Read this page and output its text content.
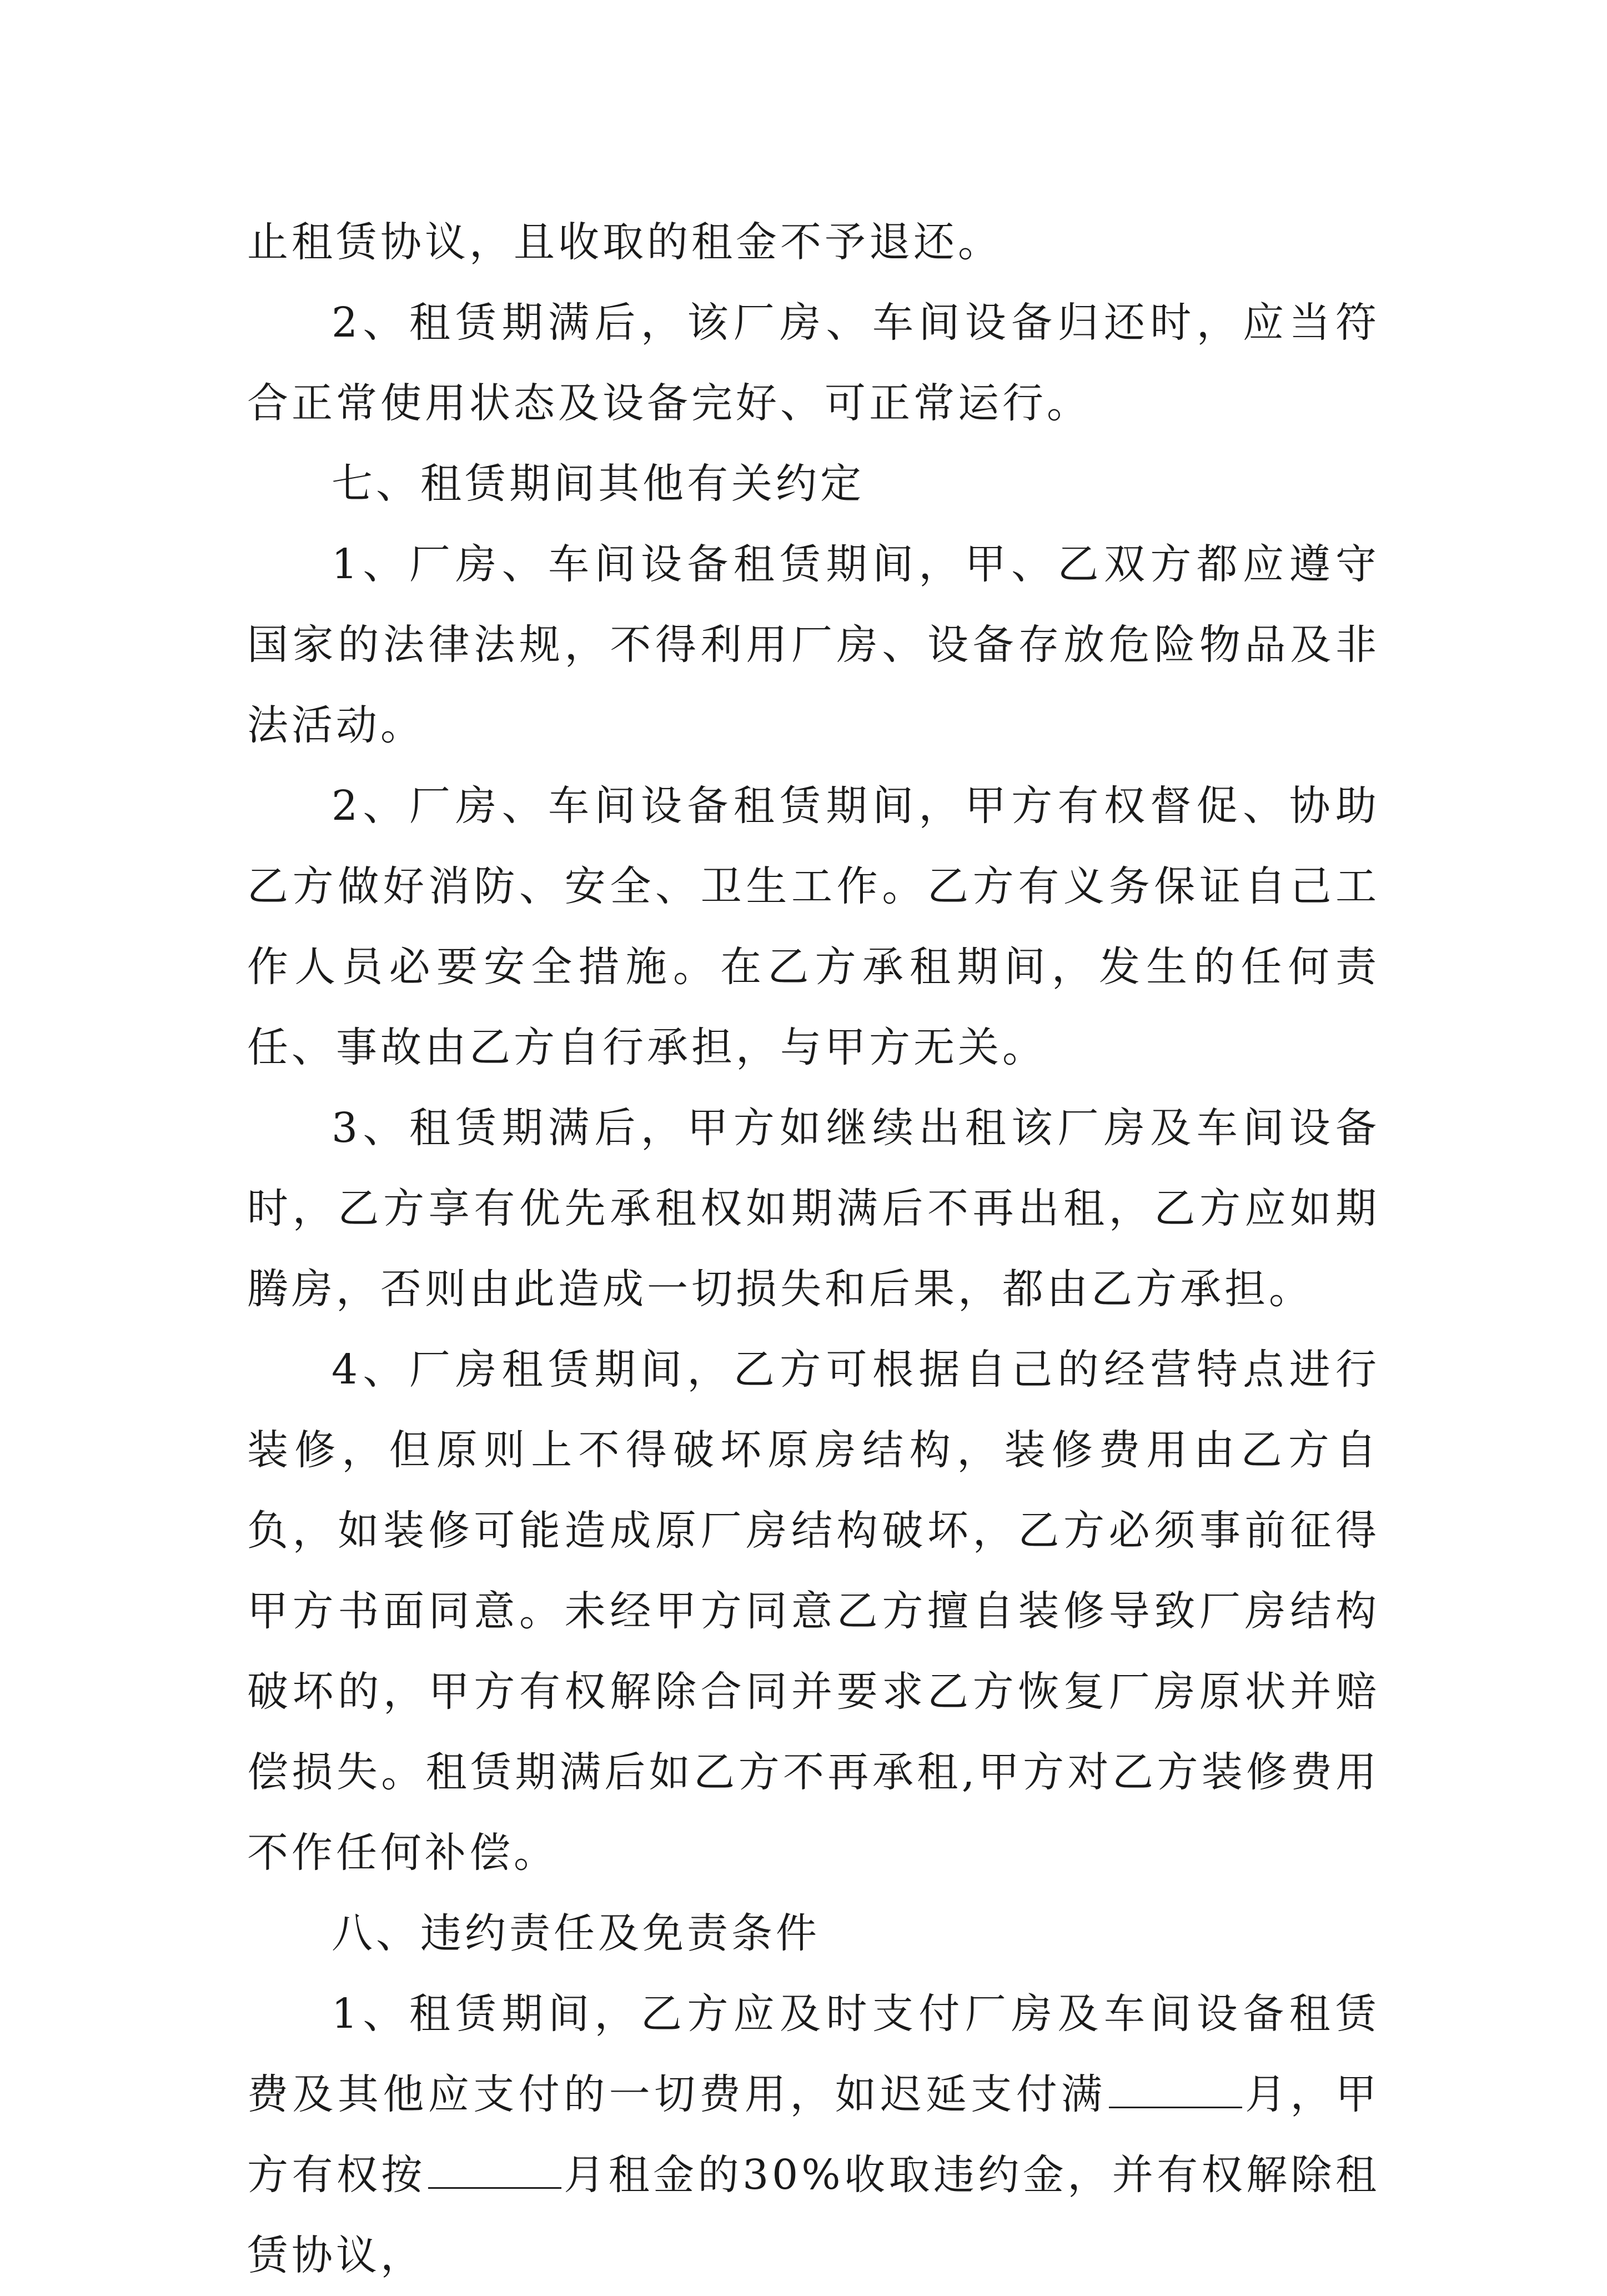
止租赁协议，且收取的租金不予退还。

2、租赁期满后，该厂房、车间设备归还时，应当符合正常使用状态及设备完好、可正常运行。

七、租赁期间其他有关约定

1、厂房、车间设备租赁期间，甲、乙双方都应遵守国家的法律法规，不得利用厂房、设备存放危险物品及非法活动。

2、厂房、车间设备租赁期间，甲方有权督促、协助乙方做好消防、安全、卫生工作。乙方有义务保证自己工作人员必要安全措施。在乙方承租期间，发生的任何责任、事故由乙方自行承担，与甲方无关。

3、租赁期满后，甲方如继续出租该厂房及车间设备时，乙方享有优先承租权如期满后不再出租，乙方应如期腾房，否则由此造成一切损失和后果，都由乙方承担。

4、厂房租赁期间，乙方可根据自己的经营特点进行装修，但原则上不得破坏原房结构，装修费用由乙方自负，如装修可能造成原厂房结构破坏，乙方必须事前征得甲方书面同意。未经甲方同意乙方擅自装修导致厂房结构破坏的，甲方有权解除合同并要求乙方恢复厂房原状并赔偿损失。租赁期满后如乙方不再承租,甲方对乙方装修费用不作任何补偿。

八、违约责任及免责条件

1、租赁期间，乙方应及时支付厂房及车间设备租赁费及其他应支付的一切费用，如迟延支付满	月，甲方有权按	月租金的30%收取违约金，并有权解除租赁协议，
